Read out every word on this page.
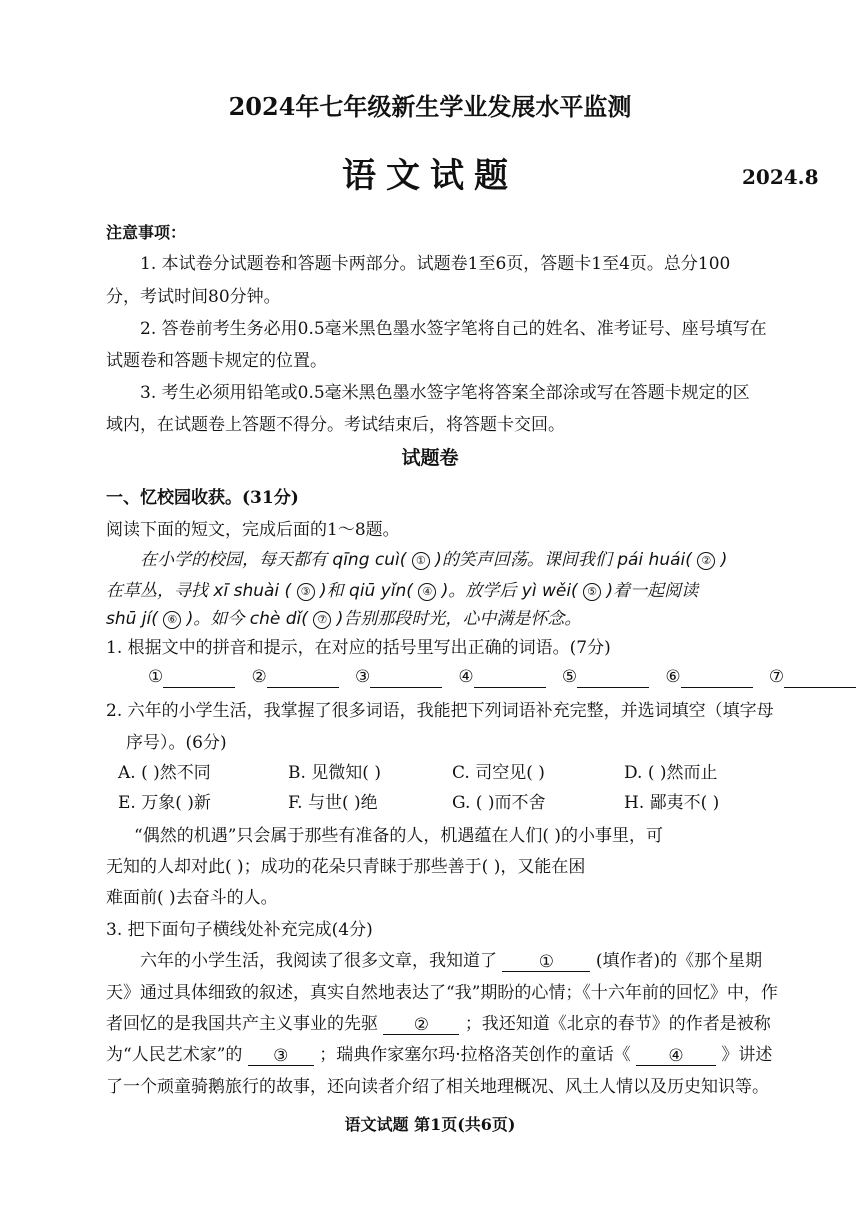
2024年七年级新生学业发展水平监测
语文试题	2024.8
注意事项：
1. 本试卷分试题卷和答题卡两部分。试题卷1至6页，答题卡1至4页。总分100
分，考试时间80分钟。
2. 答卷前考生务必用0.5毫米黑色墨水签字笔将自己的姓名、准考证号、座号填写在
试题卷和答题卡规定的位置。
3. 考生必须用铅笔或0.5毫米黑色墨水签字笔将答案全部涂或写在答题卡规定的区
域内，在试题卷上答题不得分。考试结束后，将答题卡交回。
试题卷
一、忆校园收获。(31分)
阅读下面的短文，完成后面的1～8题。
在小学的校园，每天都有 qīng cuì( ① )的笑声回荡。课间我们 pái huái( ② )
在草丛，寻找 xī shuài ( ③ )和 qiū yǐn( ④ )。放学后 yì wěi( ⑤ )着一起阅读
shū jí( ⑥ )。如今 chè dǐ( ⑦ )告别那段时光，心中满是怀念。
1. 根据文中的拼音和提示，在对应的括号里写出正确的词语。(7分)
①	②	③	④	⑤	⑥	⑦
2. 六年的小学生活，我掌握了很多词语，我能把下列词语补充完整，并选词填空（填字母
序号）。(6分)
A. ( )然不同	B. 见微知( )	C. 司空见( )	D. ( )然而止
E. 万象( )新	F. 与世( )绝	G. ( )而不舍	H. 鄙夷不( )
“偶然的机遇”只会属于那些有准备的人，机遇蕴在人们( )的小事里，可
无知的人却对此( )；成功的花朵只青睐于那些善于( )，又能在困
难面前( )去奋斗的人。
3. 把下面句子横线处补充完成(4分)
六年的小学生活，我阅读了很多文章，我知道了 ① (填作者)的《那个星期
天》通过具体细致的叙述，真实自然地表达了“我”期盼的心情；《十六年前的回忆》中，作
者回忆的是我国共产主义事业的先驱 ② ；我还知道《北京的春节》的作者是被称
为“人民艺术家”的 ③ ；瑞典作家塞尔玛·拉格洛芙创作的童话《 ④ 》讲述
了一个顽童骑鹅旅行的故事，还向读者介绍了相关地理概况、风土人情以及历史知识等。
语文试题 第1页(共6页)
